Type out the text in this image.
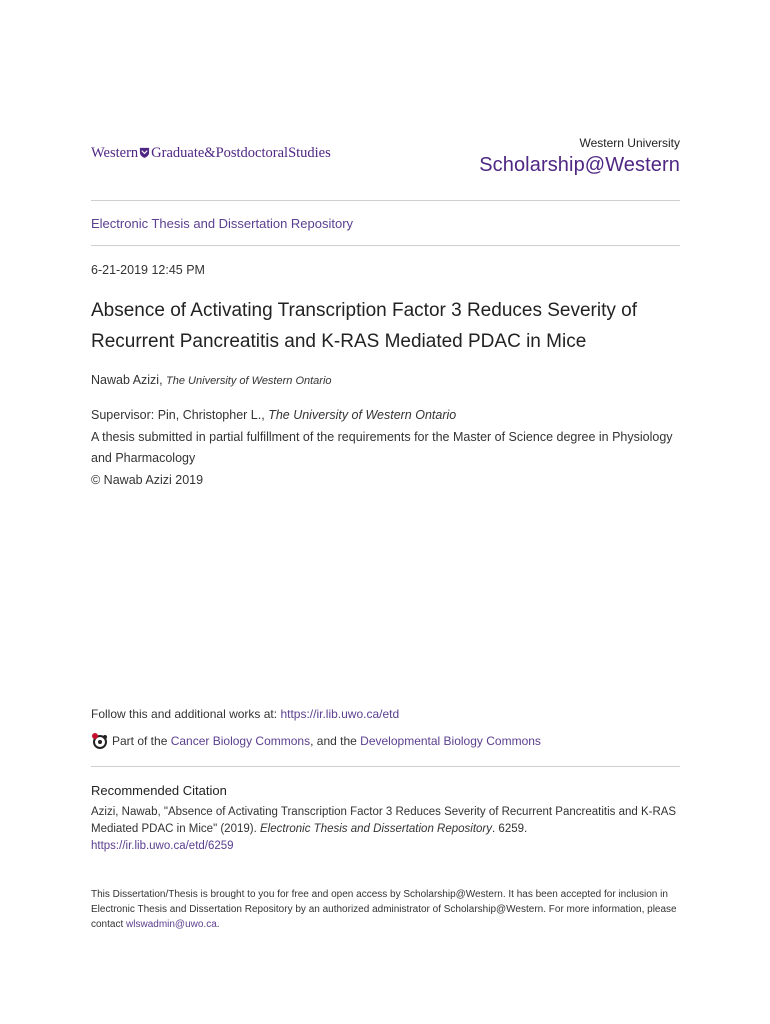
Western Graduate&PostdoctoralStudies
Western University
Scholarship@Western
Electronic Thesis and Dissertation Repository
6-21-2019 12:45 PM
Absence of Activating Transcription Factor 3 Reduces Severity of Recurrent Pancreatitis and K-RAS Mediated PDAC in Mice
Nawab Azizi, The University of Western Ontario
Supervisor: Pin, Christopher L., The University of Western Ontario
A thesis submitted in partial fulfillment of the requirements for the Master of Science degree in Physiology and Pharmacology
© Nawab Azizi 2019
Follow this and additional works at: https://ir.lib.uwo.ca/etd
Part of the
Cancer Biology Commons , and the
Developmental Biology Commons
Recommended Citation
Azizi, Nawab, "Absence of Activating Transcription Factor 3 Reduces Severity of Recurrent Pancreatitis and K-RAS Mediated PDAC in Mice" (2019). Electronic Thesis and Dissertation Repository. 6259.
https://ir.lib.uwo.ca/etd/6259
This Dissertation/Thesis is brought to you for free and open access by Scholarship@Western. It has been accepted for inclusion in Electronic Thesis and Dissertation Repository by an authorized administrator of Scholarship@Western. For more information, please contact wlswadmin@uwo.ca.
